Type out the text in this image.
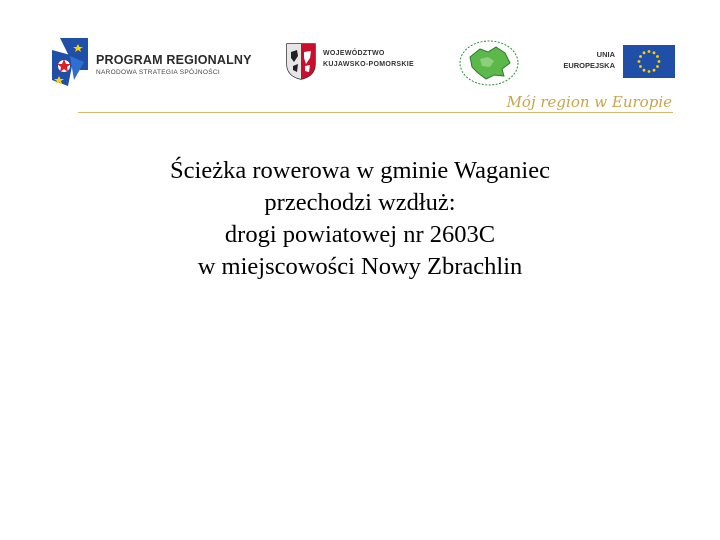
PROGRAM REGIONALNY
NARODOWA STRATEGIA SPÓJNOŚCI
WOJEWÓDZTWO
KUJAWSKO-POMORSKIE
UNIA
EUROPEJSKA
Mój region w Europie
Ścieżka rowerowa w gminie Waganiec
przechodzi wzdłuż:
drogi powiatowej nr 2603C
w miejscowości Nowy Zbrachlin
